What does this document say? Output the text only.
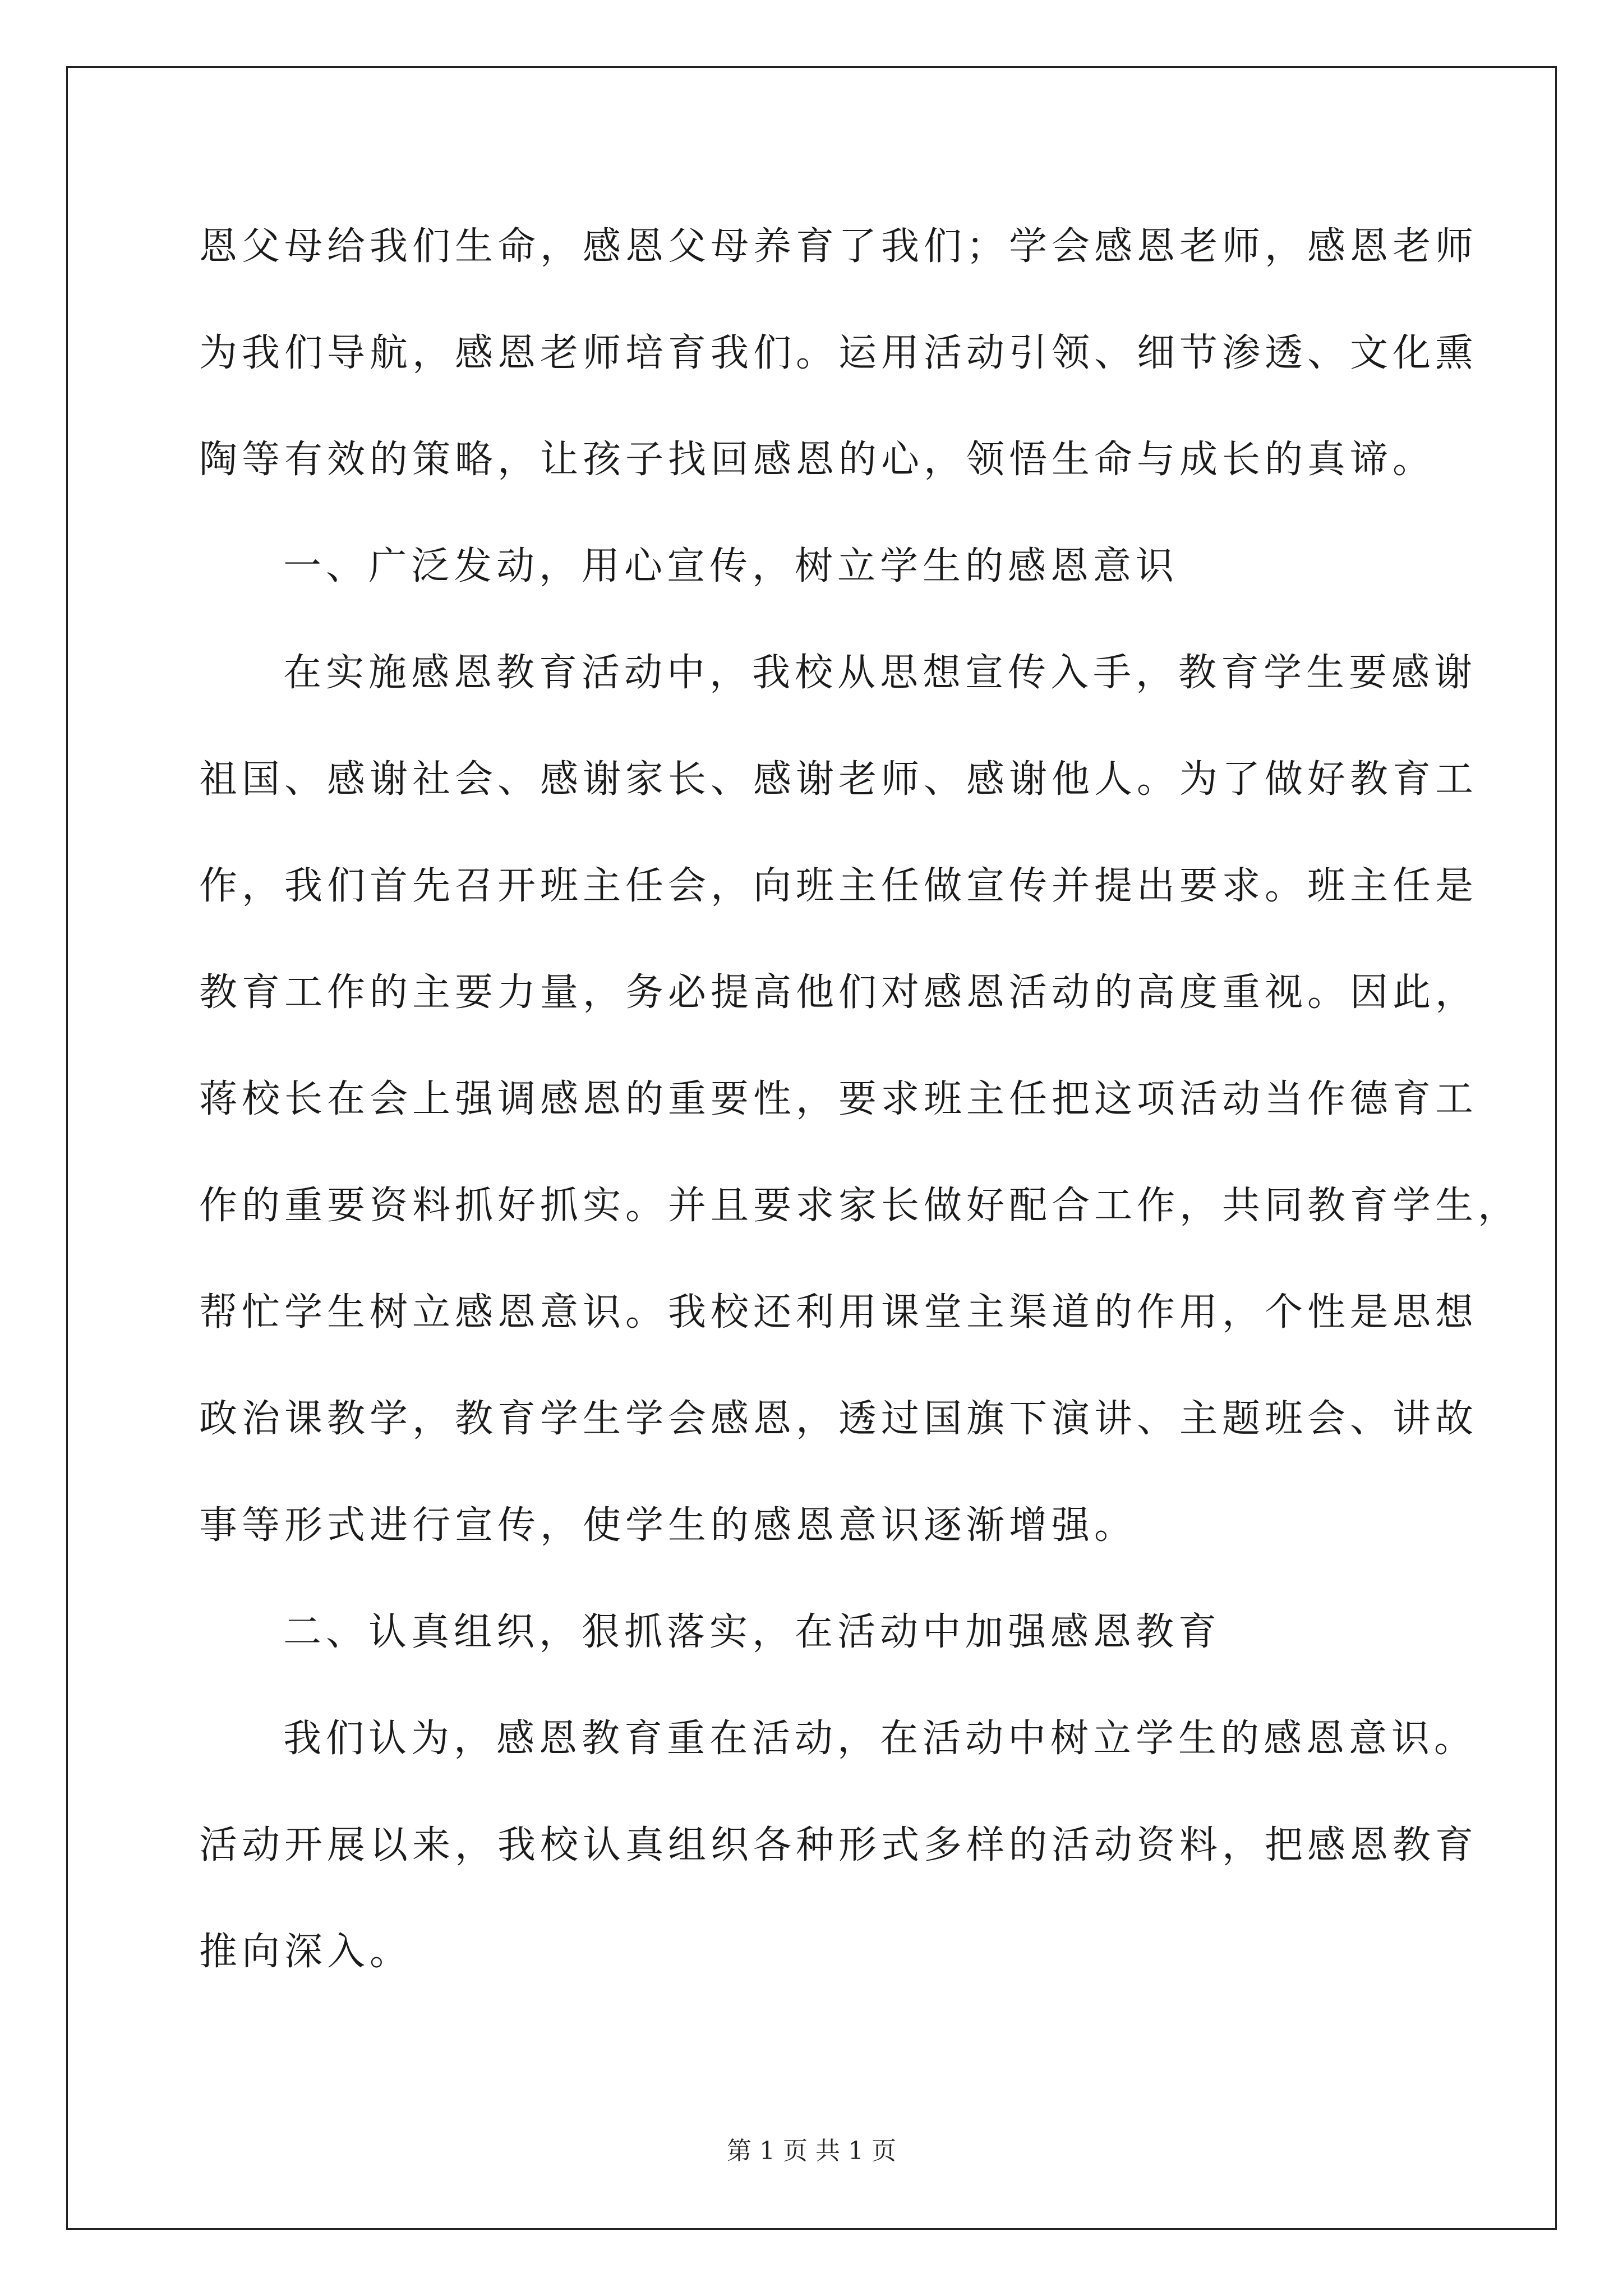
恩父母给我们生命，感恩父母养育了我们；学会感恩老师，感恩老师
为我们导航，感恩老师培育我们。运用活动引领、细节渗透、文化熏
陶等有效的策略，让孩子找回感恩的心，领悟生命与成长的真谛。
一、广泛发动，用心宣传，树立学生的感恩意识
在实施感恩教育活动中，我校从思想宣传入手，教育学生要感谢
祖国、感谢社会、感谢家长、感谢老师、感谢他人。为了做好教育工
作，我们首先召开班主任会，向班主任做宣传并提出要求。班主任是
教育工作的主要力量，务必提高他们对感恩活动的高度重视。因此，
蒋校长在会上强调感恩的重要性，要求班主任把这项活动当作德育工
作的重要资料抓好抓实。并且要求家长做好配合工作，共同教育学生，
帮忙学生树立感恩意识。我校还利用课堂主渠道的作用，个性是思想
政治课教学，教育学生学会感恩，透过国旗下演讲、主题班会、讲故
事等形式进行宣传，使学生的感恩意识逐渐增强。
二、认真组织，狠抓落实，在活动中加强感恩教育
我们认为，感恩教育重在活动，在活动中树立学生的感恩意识。
活动开展以来，我校认真组织各种形式多样的活动资料，把感恩教育
推向深入。
第 1 页 共 1 页
